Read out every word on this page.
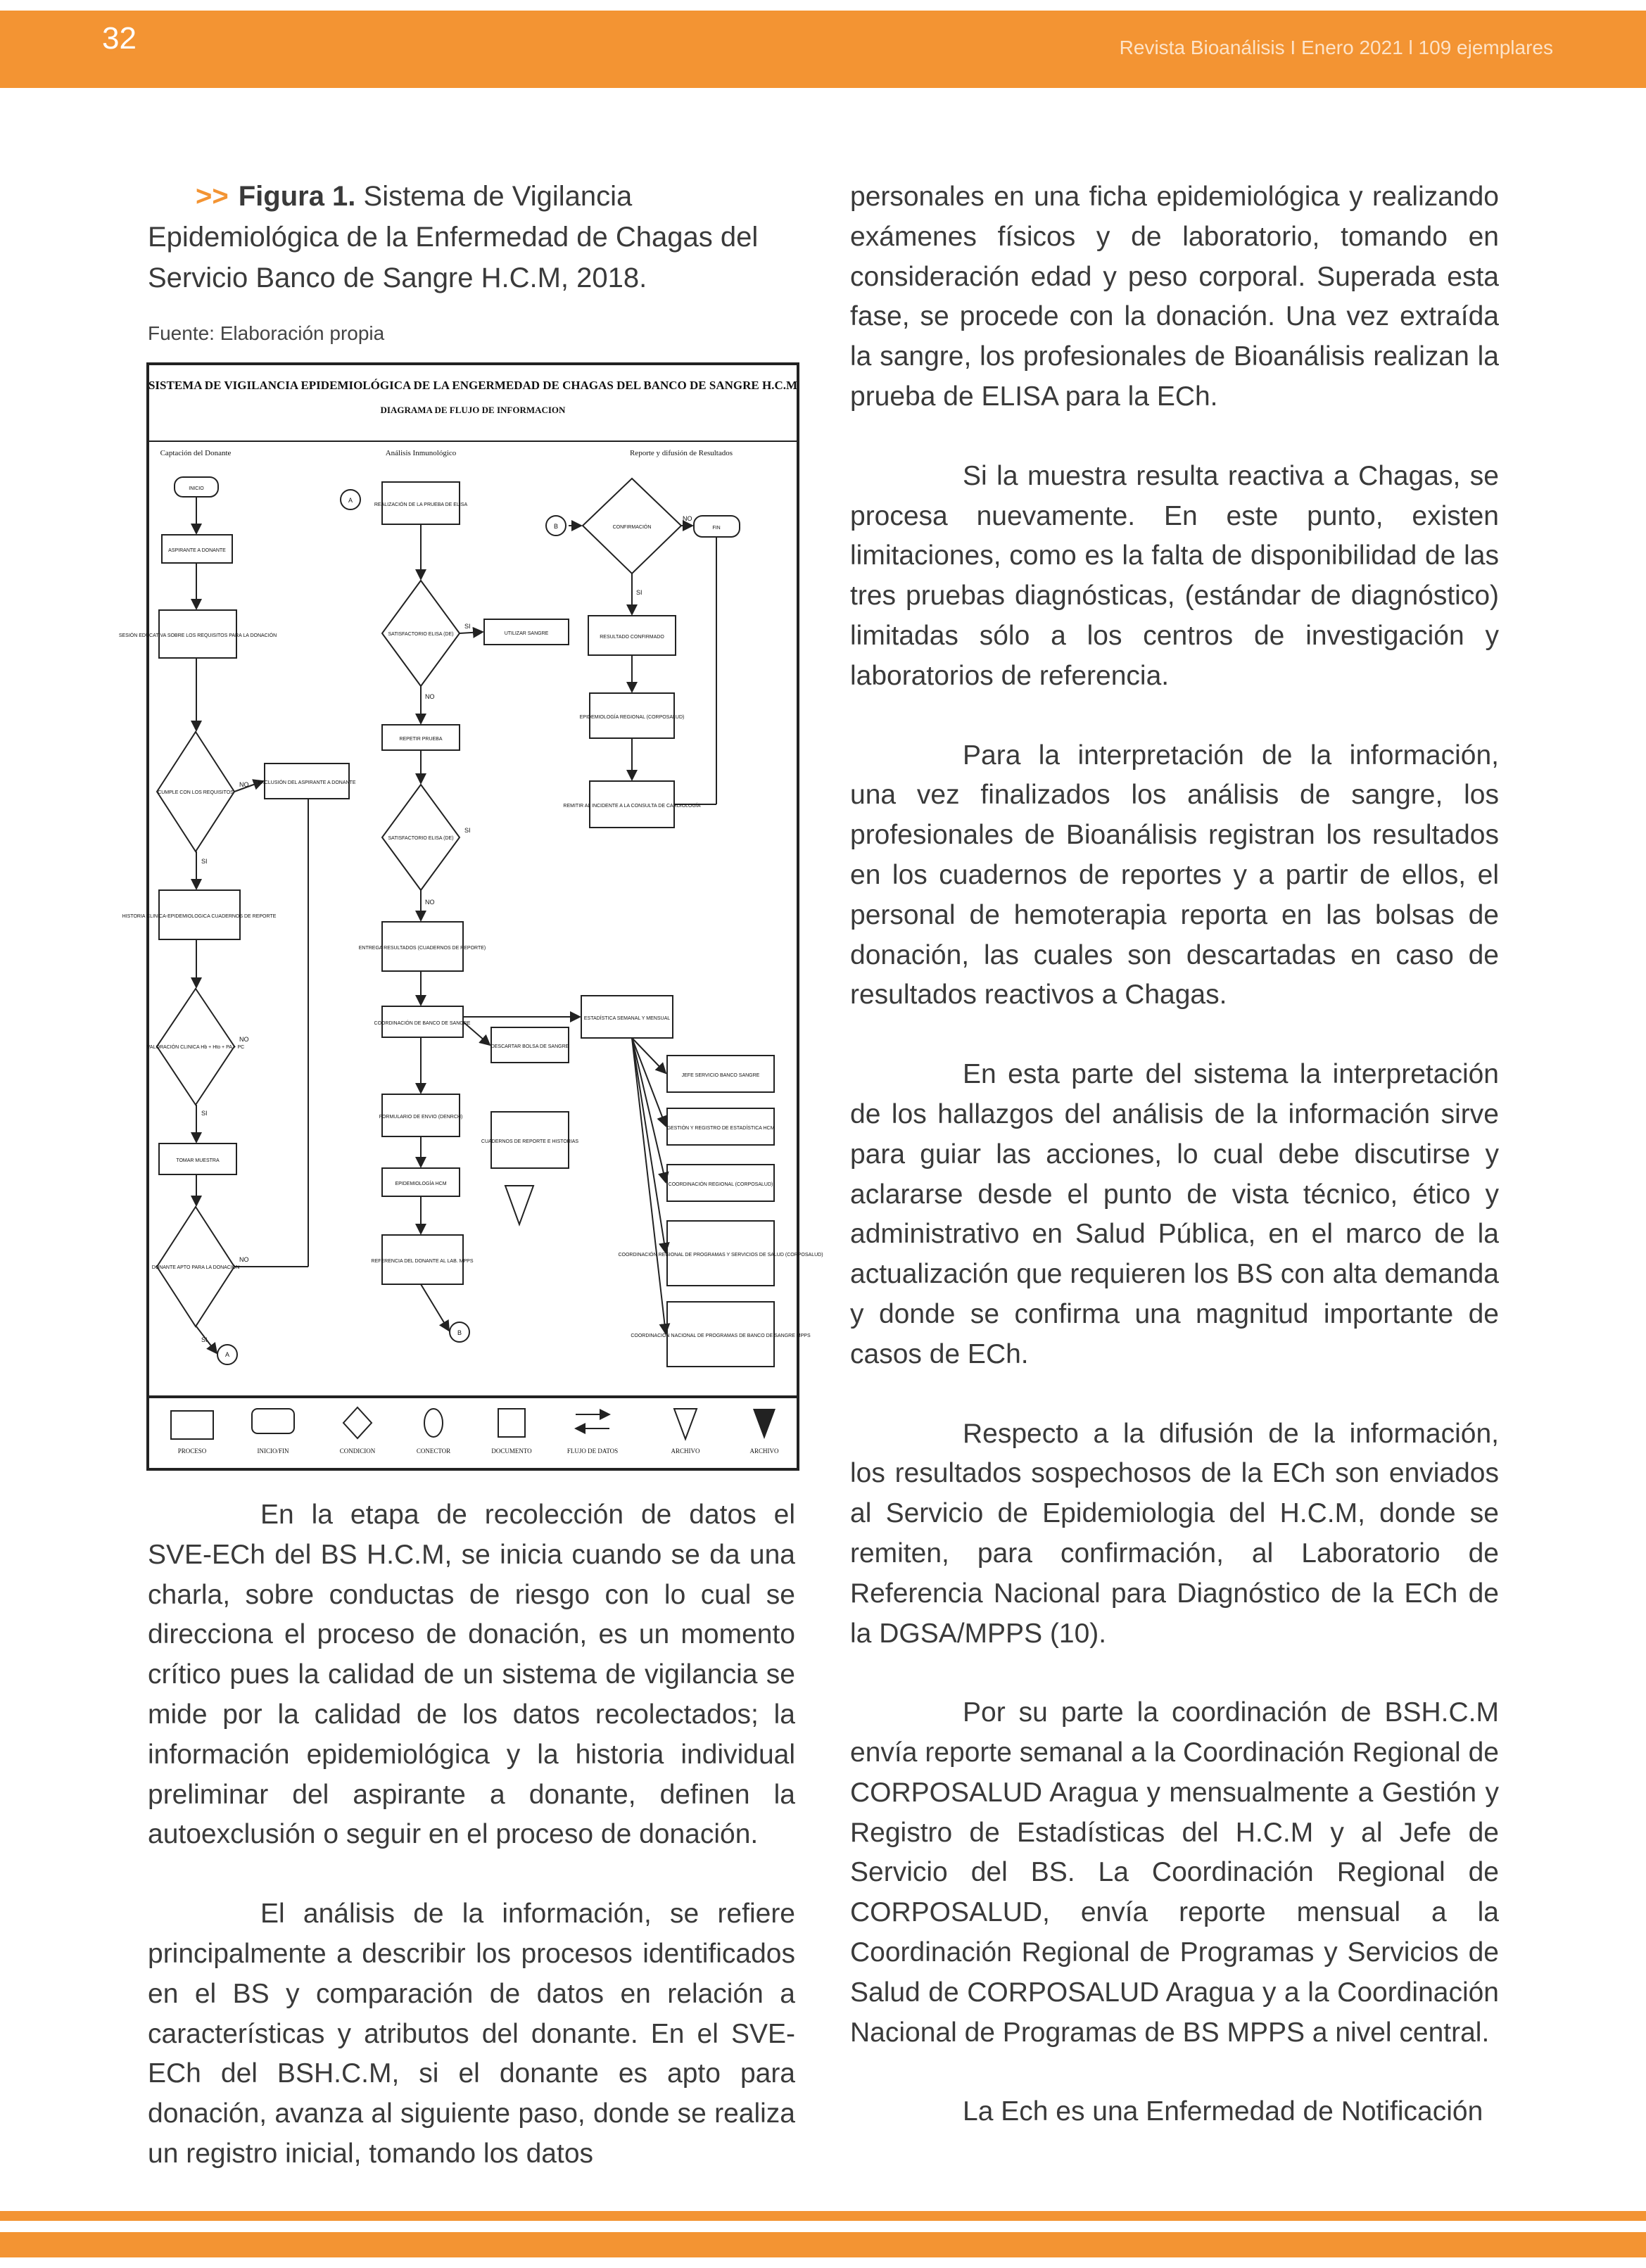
32	Revista Bioanálisis I Enero 2021 l 109 ejemplares
>> Figura 1. Sistema de Vigilancia Epidemiológica de la Enfermedad de Chagas del Servicio Banco de Sangre H.C.M, 2018.
Fuente: Elaboración propia
SISTEMA DE VIGILANCIA EPIDEMIOLÓGICA DE LA ENGERMEDAD DE CHAGAS DEL BANCO DE SANGRE H.C.M
DIAGRAMA DE FLUJO DE INFORMACION
Captación del Donante	Análisis Inmunológico	Reporte y difusión de Resultados
INICIO
ASPIRANTE A DONANTE
SESIÓN EDUCATIVA SOBRE LOS REQUISITOS PARA LA DONACIÓN
CUMPLE CON LOS REQUISITOS
EXCLUSIÓN DEL ASPIRANTE A DONANTE
HISTORIA CLINICA-EPIDEMIOLOGICA CUADERNOS DE REPORTE
VALORACIÓN CLINICA Hb + Hto + PA + PC
TOMAR MUESTRA
DONANTE APTO PARA LA DONACIÓN
REALIZACIÓN DE LA PRUEBA DE ELISA
SATISFACTORIO ELISA (DE)	UTILIZAR SANGRE
REPETIR PRUEBA
SATISFACTORIO ELISA (DE)
ENTREGA RESULTADOS (CUADERNOS DE REPORTE)
COORDINACIÓN DE BANCO DE SANGRE
DESCARTAR BOLSA DE SANGRE
FORMULARIO DE ENVIO (DENRCH)
CUADERNOS DE REPORTE E HISTORIAS
EPIDEMIOLOGÍA HCM
REFERENCIA DEL DONANTE AL LAB. MPPS
CONFIRMACIÓN	FIN
RESULTADO CONFIRMADO
EPIDEMIOLOGÍA REGIONAL (CORPOSALUD)
REMITIR AL INCIDENTE A LA CONSULTA DE CARDIOLOGÍA
ESTADÍSTICA SEMANAL Y MENSUAL
JEFE SERVICIO BANCO SANGRE
GESTIÓN Y REGISTRO DE ESTADÍSTICA HCM
COORDINACIÓN REGIONAL (CORPOSALUD)
COORDINACIÓN REGIONAL DE PROGRAMAS Y SERVICIOS DE SALUD (CORPOSALUD)
COORDINACIÓN NACIONAL DE PROGRAMAS DE BANCO DE SANGRE MPPS
A
A
B
B
NO
SI
NO
SI
NO
SI
SI
NO
SI
NO
NO
SI
PROCESO	INICIO/FIN	CONDICION	CONECTOR	DOCUMENTO	FLUJO DE DATOS	ARCHIVO	ARCHIVO

En la etapa de recolección de datos el SVE-ECh del BS H.C.M, se inicia cuando se da una charla, sobre conductas de riesgo con lo cual se direcciona el proceso de donación, es un momento crítico pues la calidad de un sistema de vigilancia se mide por la calidad de los datos recolectados; la información epidemiológica y la historia individual preliminar del aspirante a donante, definen la autoexclusión o seguir en el proceso de donación.

El análisis de la información, se refiere principalmente a describir los procesos identificados en el BS y comparación de datos en relación a características y atributos del donante. En el SVE-ECh del BSH.C.M, si el donante es apto para donación, avanza al siguiente paso, donde se realiza un registro inicial, tomando los datos

personales en una ficha epidemiológica y realizando exámenes físicos y de laboratorio, tomando en consideración edad y peso corporal. Superada esta fase, se procede con la donación. Una vez extraída la sangre, los profesionales de Bioanálisis realizan la prueba de ELISA para la ECh.

Si la muestra resulta reactiva a Chagas, se procesa nuevamente. En este punto, existen limitaciones, como es la falta de disponibilidad de las tres pruebas diagnósticas, (estándar de diagnóstico) limitadas sólo a los centros de investigación y laboratorios de referencia.

Para la interpretación de la información, una vez finalizados los análisis de sangre, los profesionales de Bioanálisis registran los resultados en los cuadernos de reportes y a partir de ellos, el personal de hemoterapia reporta en las bolsas de donación, las cuales son descartadas en caso de resultados reactivos a Chagas.

En esta parte del sistema la interpretación de los hallazgos del análisis de la información sirve para guiar las acciones, lo cual debe discutirse y aclararse desde el punto de vista técnico, ético y administrativo en Salud Pública, en el marco de la actualización que requieren los BS con alta demanda y donde se confirma una magnitud importante de casos de ECh.

Respecto a la difusión de la información, los resultados sospechosos de la ECh son enviados al Servicio de Epidemiologia del H.C.M, donde se remiten, para confirmación, al Laboratorio de Referencia Nacional para Diagnóstico de la ECh de la DGSA/MPPS (10).

Por su parte la coordinación de BSH.C.M envía reporte semanal a la Coordinación Regional de CORPOSALUD Aragua y mensualmente a Gestión y Registro de Estadísticas del H.C.M y al Jefe de Servicio del BS. La Coordinación Regional de CORPOSALUD, envía reporte mensual a la Coordinación Regional de Programas y Servicios de Salud de CORPOSALUD Aragua y a la Coordinación Nacional de Programas de BS MPPS a nivel central.

La Ech es una Enfermedad de Notificación
